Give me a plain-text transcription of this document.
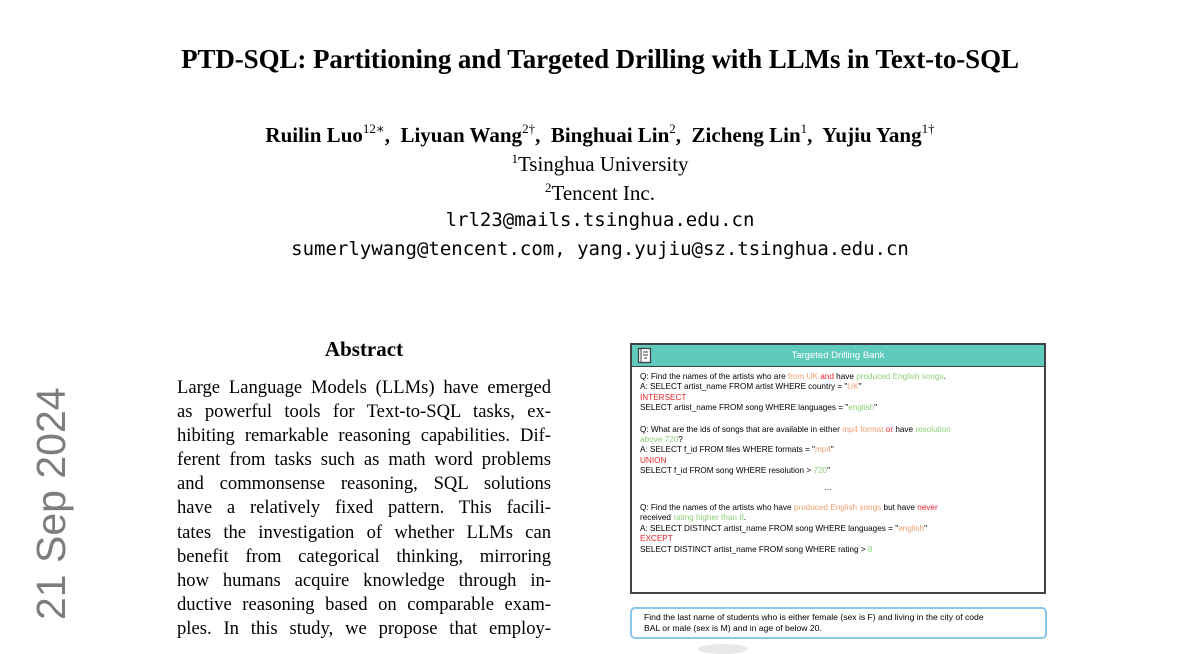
PTD-SQL: Partitioning and Targeted Drilling with LLMs in Text-to-SQL
Ruilin Luo$^{12∗}$,  Liyuan Wang$^{2\dagger}$,  Binghuai Lin$^2$,  Zicheng Lin$^1$,  Yujiu Yang$^{1\dagger}$
$^1$Tsinghua University
$^2$Tencent Inc.
lrl23@mails.tsinghua.edu.cn
sumerlywang@tencent.com, yang.yujiu@sz.tsinghua.edu.cn
21 Sep 2024
Abstract
Large Language Models (LLMs) have emerged
as powerful tools for Text-to-SQL tasks, ex-
hibiting remarkable reasoning capabilities. Dif-
ferent from tasks such as math word problems
and commonsense reasoning, SQL solutions
have a relatively fixed pattern. This facili-
tates the investigation of whether LLMs can
benefit from categorical thinking, mirroring
how humans acquire knowledge through in-
ductive reasoning based on comparable exam-
ples. In this study, we propose that employ-
Targeted Drilling Bank
Q: Find the names of the artists who are from UK and have produced English songs.
A: SELECT artist_name FROM artist WHERE country = "UK"
INTERSECT
SELECT artist_name FROM song WHERE languages = "english"
Q: What are the ids of songs that are available in either mp4 format or have resolution
above 720?
A: SELECT f_id FROM files WHERE formats = "mp4"
UNION
SELECT f_id FROM song WHERE resolution > 720"
...
Q: Find the names of the artists who have produced English songs but have never
received rating higher than 8.
A: SELECT DISTINCT artist_name FROM song WHERE languages = "english"
EXCEPT
SELECT DISTINCT artist_name FROM song WHERE rating > 8
Find the last name of students who is either female (sex is F) and living in the city of code
BAL or male (sex is M) and in age of below 20.
